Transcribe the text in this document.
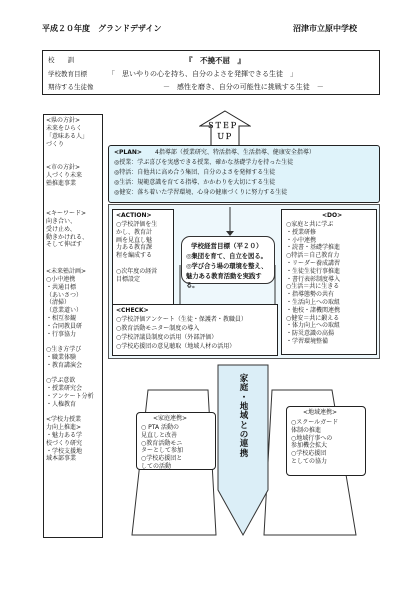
平成２０年度　グランドデザイン	沼津市立原中学校
校　　訓	『　不撓不屈　』
学校教育目標	「　思いやりの心を持ち、自分のよさを発揮できる生徒　」
期待する生徒像	－　感性を磨き、自分の可能性に挑戦する生徒　－
ＳＴＥＰ
ＵＰ
<県の方針>
未来をひらく
「意味ある人」
づくり
<市の方針>
人づくり未来
塾推進事業
<キーワード>
向き合い、
受け止め、
動きかけれる、
そして伸ばす
<未来塾計画>
○小中連携
・共通目標
（あいさつ）
（清掃）
（意業道い）
・相互参観
・合同教員研
・行事協力

○生き方学び
・職業体験
・教育講演会

○学ぶ意欲
・授業研究会
・アンケート分析
・人権教育

<学校力授業
力向上推進>
・魅力ある学
校づくり研究
・学校支援地
域本部事業
<PLAN> 4指導部（授業研究、特活指導、生活指導、健康安全指導）
◎授業：学ぶ喜びを実感できる授業、確かな基礎学力を持った生徒
◎特活：自他共に高め合う集団、自分のよさを発揮する生徒
◎生活：規範意識を育てる指導、かかわりを大切にする生徒
◎健安：落ち着いた学習環境、心身の健康づくりに努力する生徒
<ACTION>
○学校評価を生
かし、教育計
画を見直し魅
力ある教育課
程を編成する

○次年度の経営
目標設定
学校経営目標（平２０）
◎集団を育て、自立を図る。
◎学び合う場の環境を整え、
魅力ある教育活動を実践する。
<DO>
○家庭と共に学ぶ
・授業研修
・小中連携
・読書・基礎学推進
○特活＝自己教育力
・リーダー養成講習
・生徒生徒行事推進
・書行表彰制度導入
○生活＝共に生きる
・指導態勢の共有
・生活向上への取組
・他校・諸機関連携
○健安＝共に鍛える
・体力向上への取組
・防災意識の高揚
・学習環境整備
<CHECK>
○学校評価アンケート（生徒・保護者・教職員）
○教育活動モニター制度の導入
○学校評議員制度の活用（外部評価）
○学校応援団の意見聴取（地域人材の活用）
<家庭連携>
○ PTA 活動の
見直しと改善
○教育活動モニ
ターとして参加
○学校応援団と
しての活動
家
庭
・
地
域
と
の
連
携
<地域連携>
○スクールガード
体制の推進
○地域行事への
参加機会拡大
○学校応援団
としての協力
